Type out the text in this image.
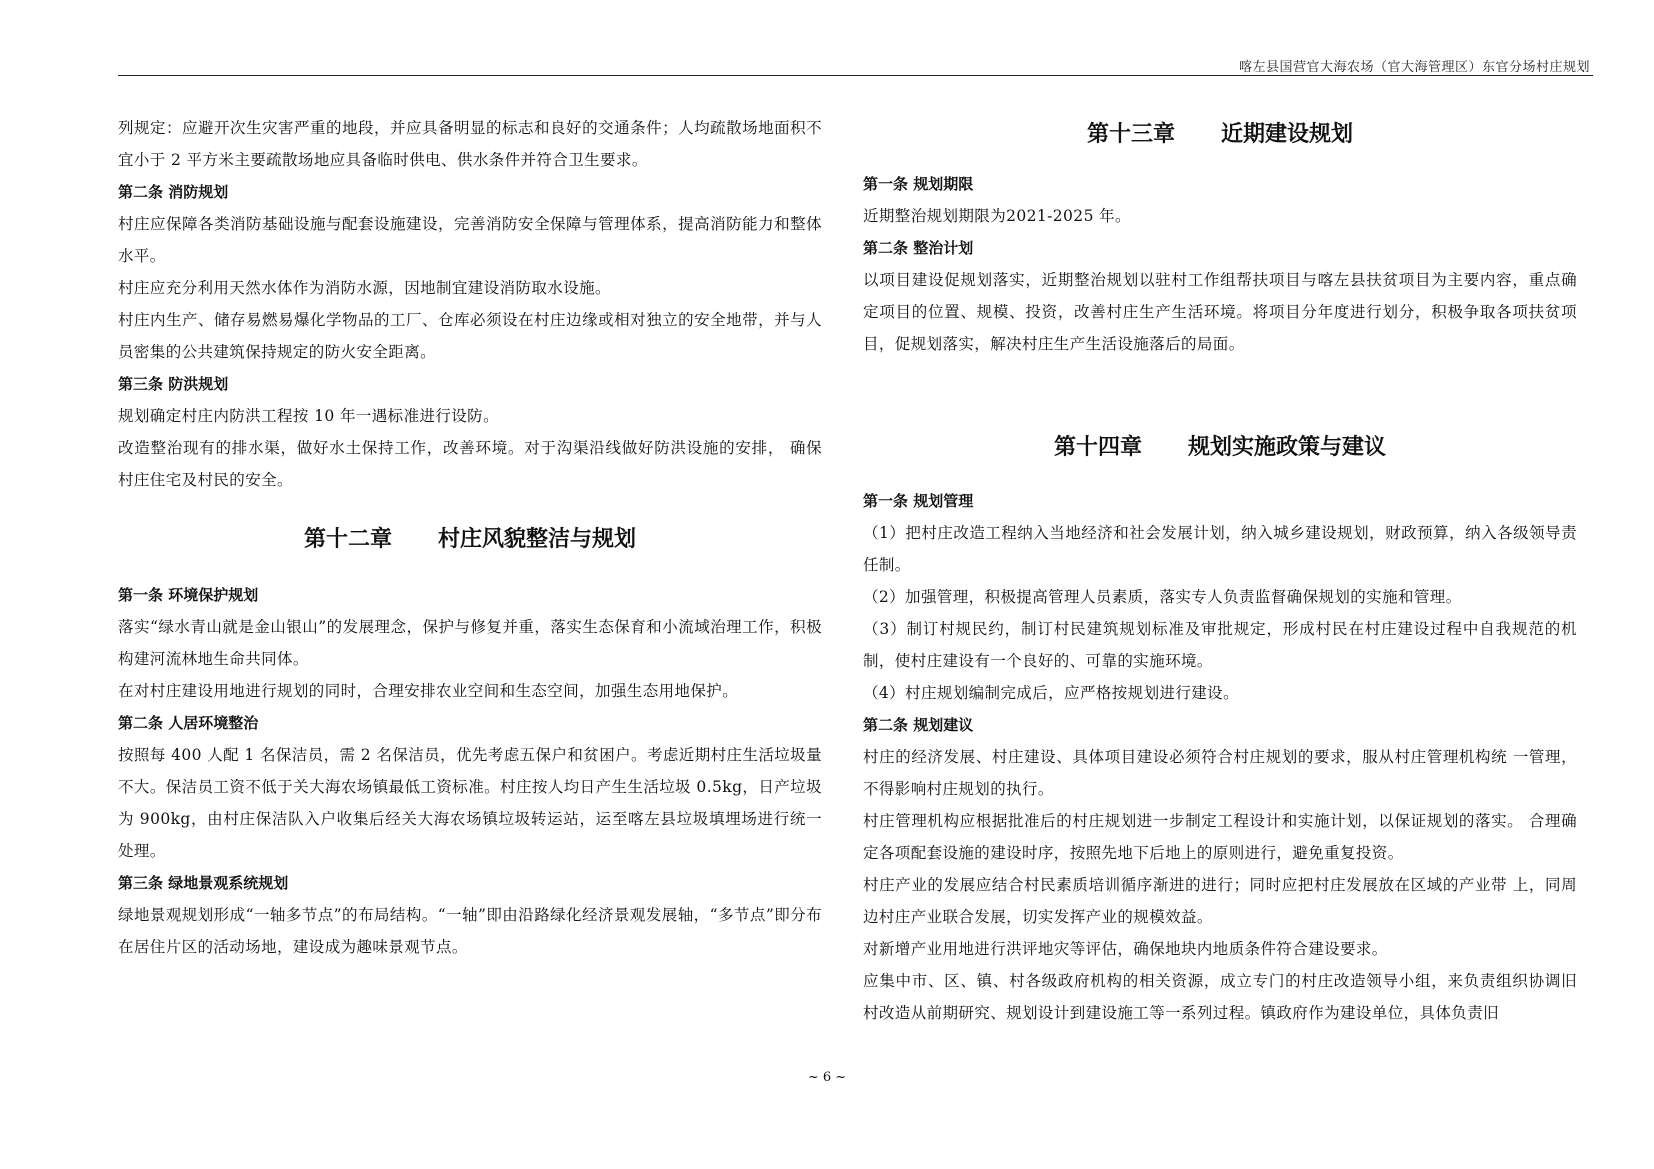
喀左县国营官大海农场（官大海管理区）东官分场村庄规划

列规定：应避开次生灾害严重的地段，并应具备明显的标志和良好的交通条件；人均疏散场地面积不宜小于 2 平方米主要疏散场地应具备临时供电、供水条件并符合卫生要求。

第二条 消防规划

村庄应保障各类消防基础设施与配套设施建设，完善消防安全保障与管理体系，提高消防能力和整体水平。

村庄应充分利用天然水体作为消防水源，因地制宜建设消防取水设施。

村庄内生产、储存易燃易爆化学物品的工厂、仓库必须设在村庄边缘或相对独立的安全地带，并与人员密集的公共建筑保持规定的防火安全距离。

第三条 防洪规划

规划确定村庄内防洪工程按 10 年一遇标准进行设防。

改造整治现有的排水渠，做好水土保持工作，改善环境。对于沟渠沿线做好防洪设施的安排， 确保村庄住宅及村民的安全。

第十二章      村庄风貌整洁与规划

第一条 环境保护规划

落实“绿水青山就是金山银山”的发展理念，保护与修复并重，落实生态保育和小流域治理工作，积极构建河流林地生命共同体。

在对村庄建设用地进行规划的同时，合理安排农业空间和生态空间，加强生态用地保护。

第二条 人居环境整治

按照每 400 人配 1 名保洁员，需 2 名保洁员，优先考虑五保户和贫困户。考虑近期村庄生活垃圾量不大。保洁员工资不低于关大海农场镇最低工资标准。村庄按人均日产生生活垃圾 0.5kg，日产垃圾为 900kg，由村庄保洁队入户收集后经关大海农场镇垃圾转运站，运至喀左县垃圾填埋场进行统一处理。

第三条 绿地景观系统规划

绿地景观规划形成“一轴多节点”的布局结构。“一轴”即由沿路绿化经济景观发展轴，“多节点”即分布在居住片区的活动场地，建设成为趣味景观节点。

第十三章      近期建设规划

第一条 规划期限

近期整治规划期限为2021-2025 年。

第二条 整治计划

以项目建设促规划落实，近期整治规划以驻村工作组帮扶项目与喀左县扶贫项目为主要内容，重点确定项目的位置、规模、投资，改善村庄生产生活环境。将项目分年度进行划分，积极争取各项扶贫项目，促规划落实，解决村庄生产生活设施落后的局面。

第十四章      规划实施政策与建议

第一条 规划管理

（1）把村庄改造工程纳入当地经济和社会发展计划，纳入城乡建设规划，财政预算，纳入各级领导责任制。

（2）加强管理，积极提高管理人员素质，落实专人负责监督确保规划的实施和管理。

（3）制订村规民约，制订村民建筑规划标准及审批规定，形成村民在村庄建设过程中自我规范的机制，使村庄建设有一个良好的、可靠的实施环境。

（4）村庄规划编制完成后，应严格按规划进行建设。

第二条 规划建议

村庄的经济发展、村庄建设、具体项目建设必须符合村庄规划的要求，服从村庄管理机构统 一管理，不得影响村庄规划的执行。

村庄管理机构应根据批准后的村庄规划进一步制定工程设计和实施计划，以保证规划的落实。 合理确定各项配套设施的建设时序，按照先地下后地上的原则进行，避免重复投资。

村庄产业的发展应结合村民素质培训循序渐进的进行；同时应把村庄发展放在区域的产业带 上，同周边村庄产业联合发展，切实发挥产业的规模效益。

对新增产业用地进行洪评地灾等评估，确保地块内地质条件符合建设要求。

应集中市、区、镇、村各级政府机构的相关资源，成立专门的村庄改造领导小组，来负责组织协调旧村改造从前期研究、规划设计到建设施工等一系列过程。镇政府作为建设单位，具体负责旧

~ 6 ~
